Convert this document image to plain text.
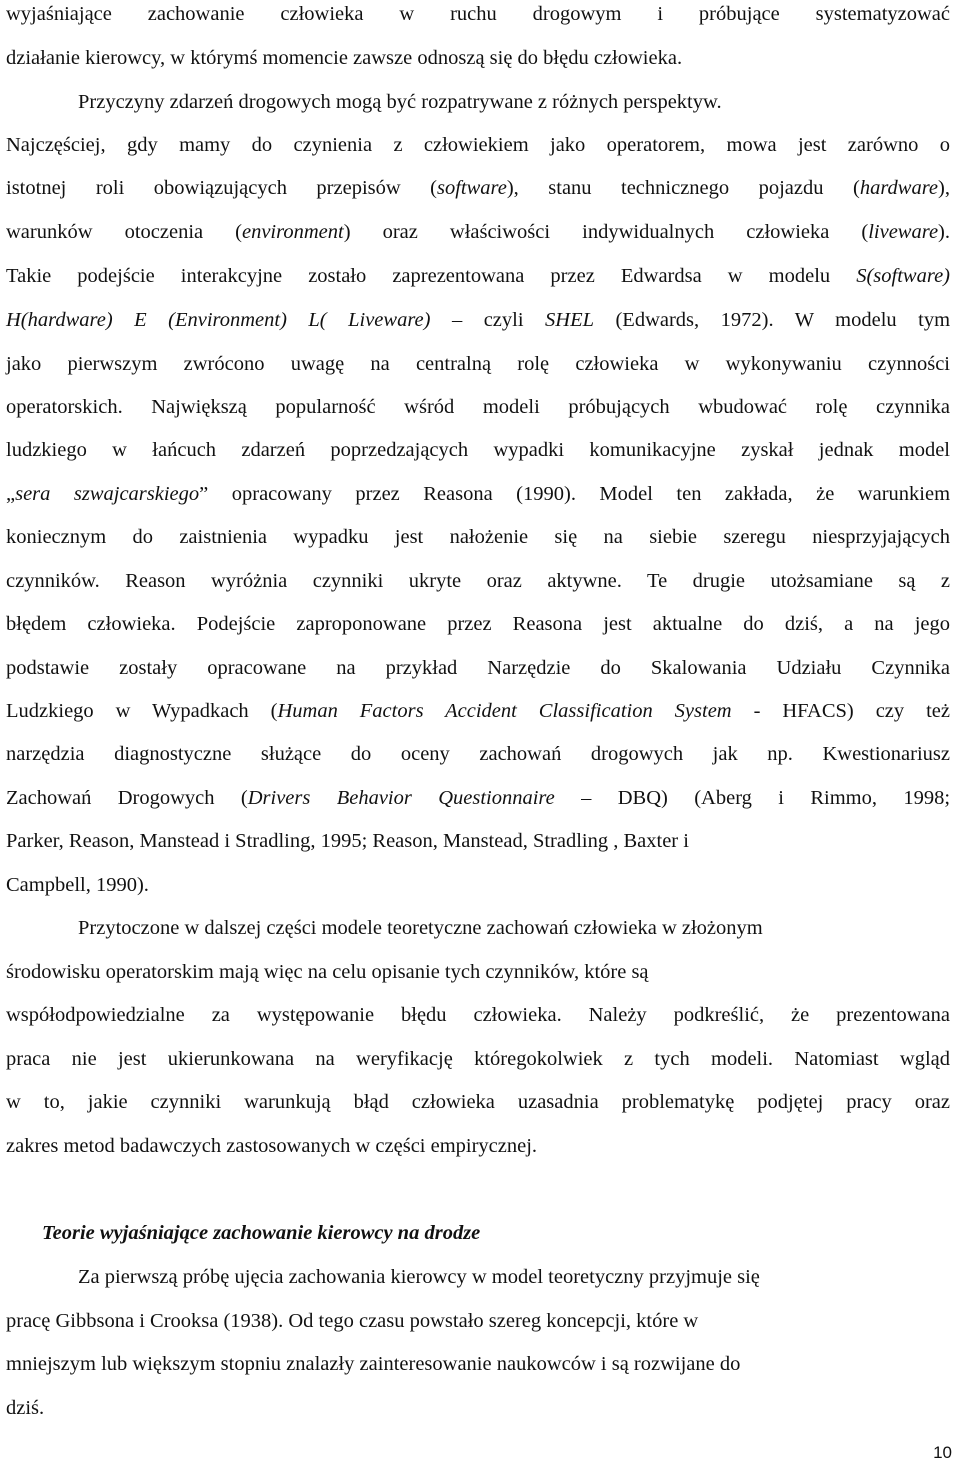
wyjaśniające zachowanie człowieka w ruchu drogowym i próbujące systematyzować
działanie kierowcy, w którymś momencie zawsze odnoszą się do błędu człowieka.
Przyczyny zdarzeń drogowych mogą być rozpatrywane z różnych perspektyw.
Najczęściej, gdy mamy do czynienia z człowiekiem jako operatorem, mowa jest zarówno o
istotnej roli obowiązujących przepisów (software), stanu technicznego pojazdu (hardware),
warunków otoczenia (environment) oraz właściwości indywidualnych człowieka (liveware).
Takie podejście interakcyjne zostało zaprezentowana przez Edwardsa w modelu S(software)
H(hardware) E (Environment) L( Liveware) – czyli SHEL (Edwards, 1972). W modelu tym
jako pierwszym zwrócono uwagę na centralną rolę człowieka w wykonywaniu czynności
operatorskich. Największą popularność wśród modeli próbujących wbudować rolę czynnika
ludzkiego w łańcuch zdarzeń poprzedzających wypadki komunikacyjne zyskał jednak model
„sera szwajcarskiego” opracowany przez Reasona (1990). Model ten zakłada, że warunkiem
koniecznym do zaistnienia wypadku jest nałożenie się na siebie szeregu niesprzyjających
czynników. Reason wyróżnia czynniki ukryte oraz aktywne. Te drugie utożsamiane są z
błędem człowieka. Podejście zaproponowane przez Reasona jest aktualne do dziś, a na jego
podstawie zostały opracowane na przykład Narzędzie do Skalowania Udziału Czynnika
Ludzkiego w Wypadkach (Human Factors Accident Classification System - HFACS) czy też
narzędzia diagnostyczne służące do oceny zachowań drogowych jak np. Kwestionariusz
Zachowań Drogowych (Drivers Behavior Questionnaire – DBQ) (Aberg i Rimmo, 1998;
Parker, Reason, Manstead i Stradling, 1995; Reason, Manstead, Stradling , Baxter i
Campbell, 1990).
Przytoczone w dalszej części modele teoretyczne zachowań człowieka w złożonym
środowisku operatorskim mają więc na celu opisanie tych czynników, które są
współodpowiedzialne za występowanie błędu człowieka. Należy podkreślić, że prezentowana
praca nie jest ukierunkowana na weryfikację któregokolwiek z tych modeli. Natomiast wgląd
w to, jakie czynniki warunkują błąd człowieka uzasadnia problematykę podjętej pracy oraz
zakres metod badawczych zastosowanych w części empirycznej.
Teorie wyjaśniające zachowanie kierowcy na drodze
Za pierwszą próbę ujęcia zachowania kierowcy w model teoretyczny przyjmuje się
pracę Gibbsona i Crooksa (1938). Od tego czasu powstało szereg koncepcji, które w
mniejszym lub większym stopniu znalazły zainteresowanie naukowców i są rozwijane do
dziś.
10
